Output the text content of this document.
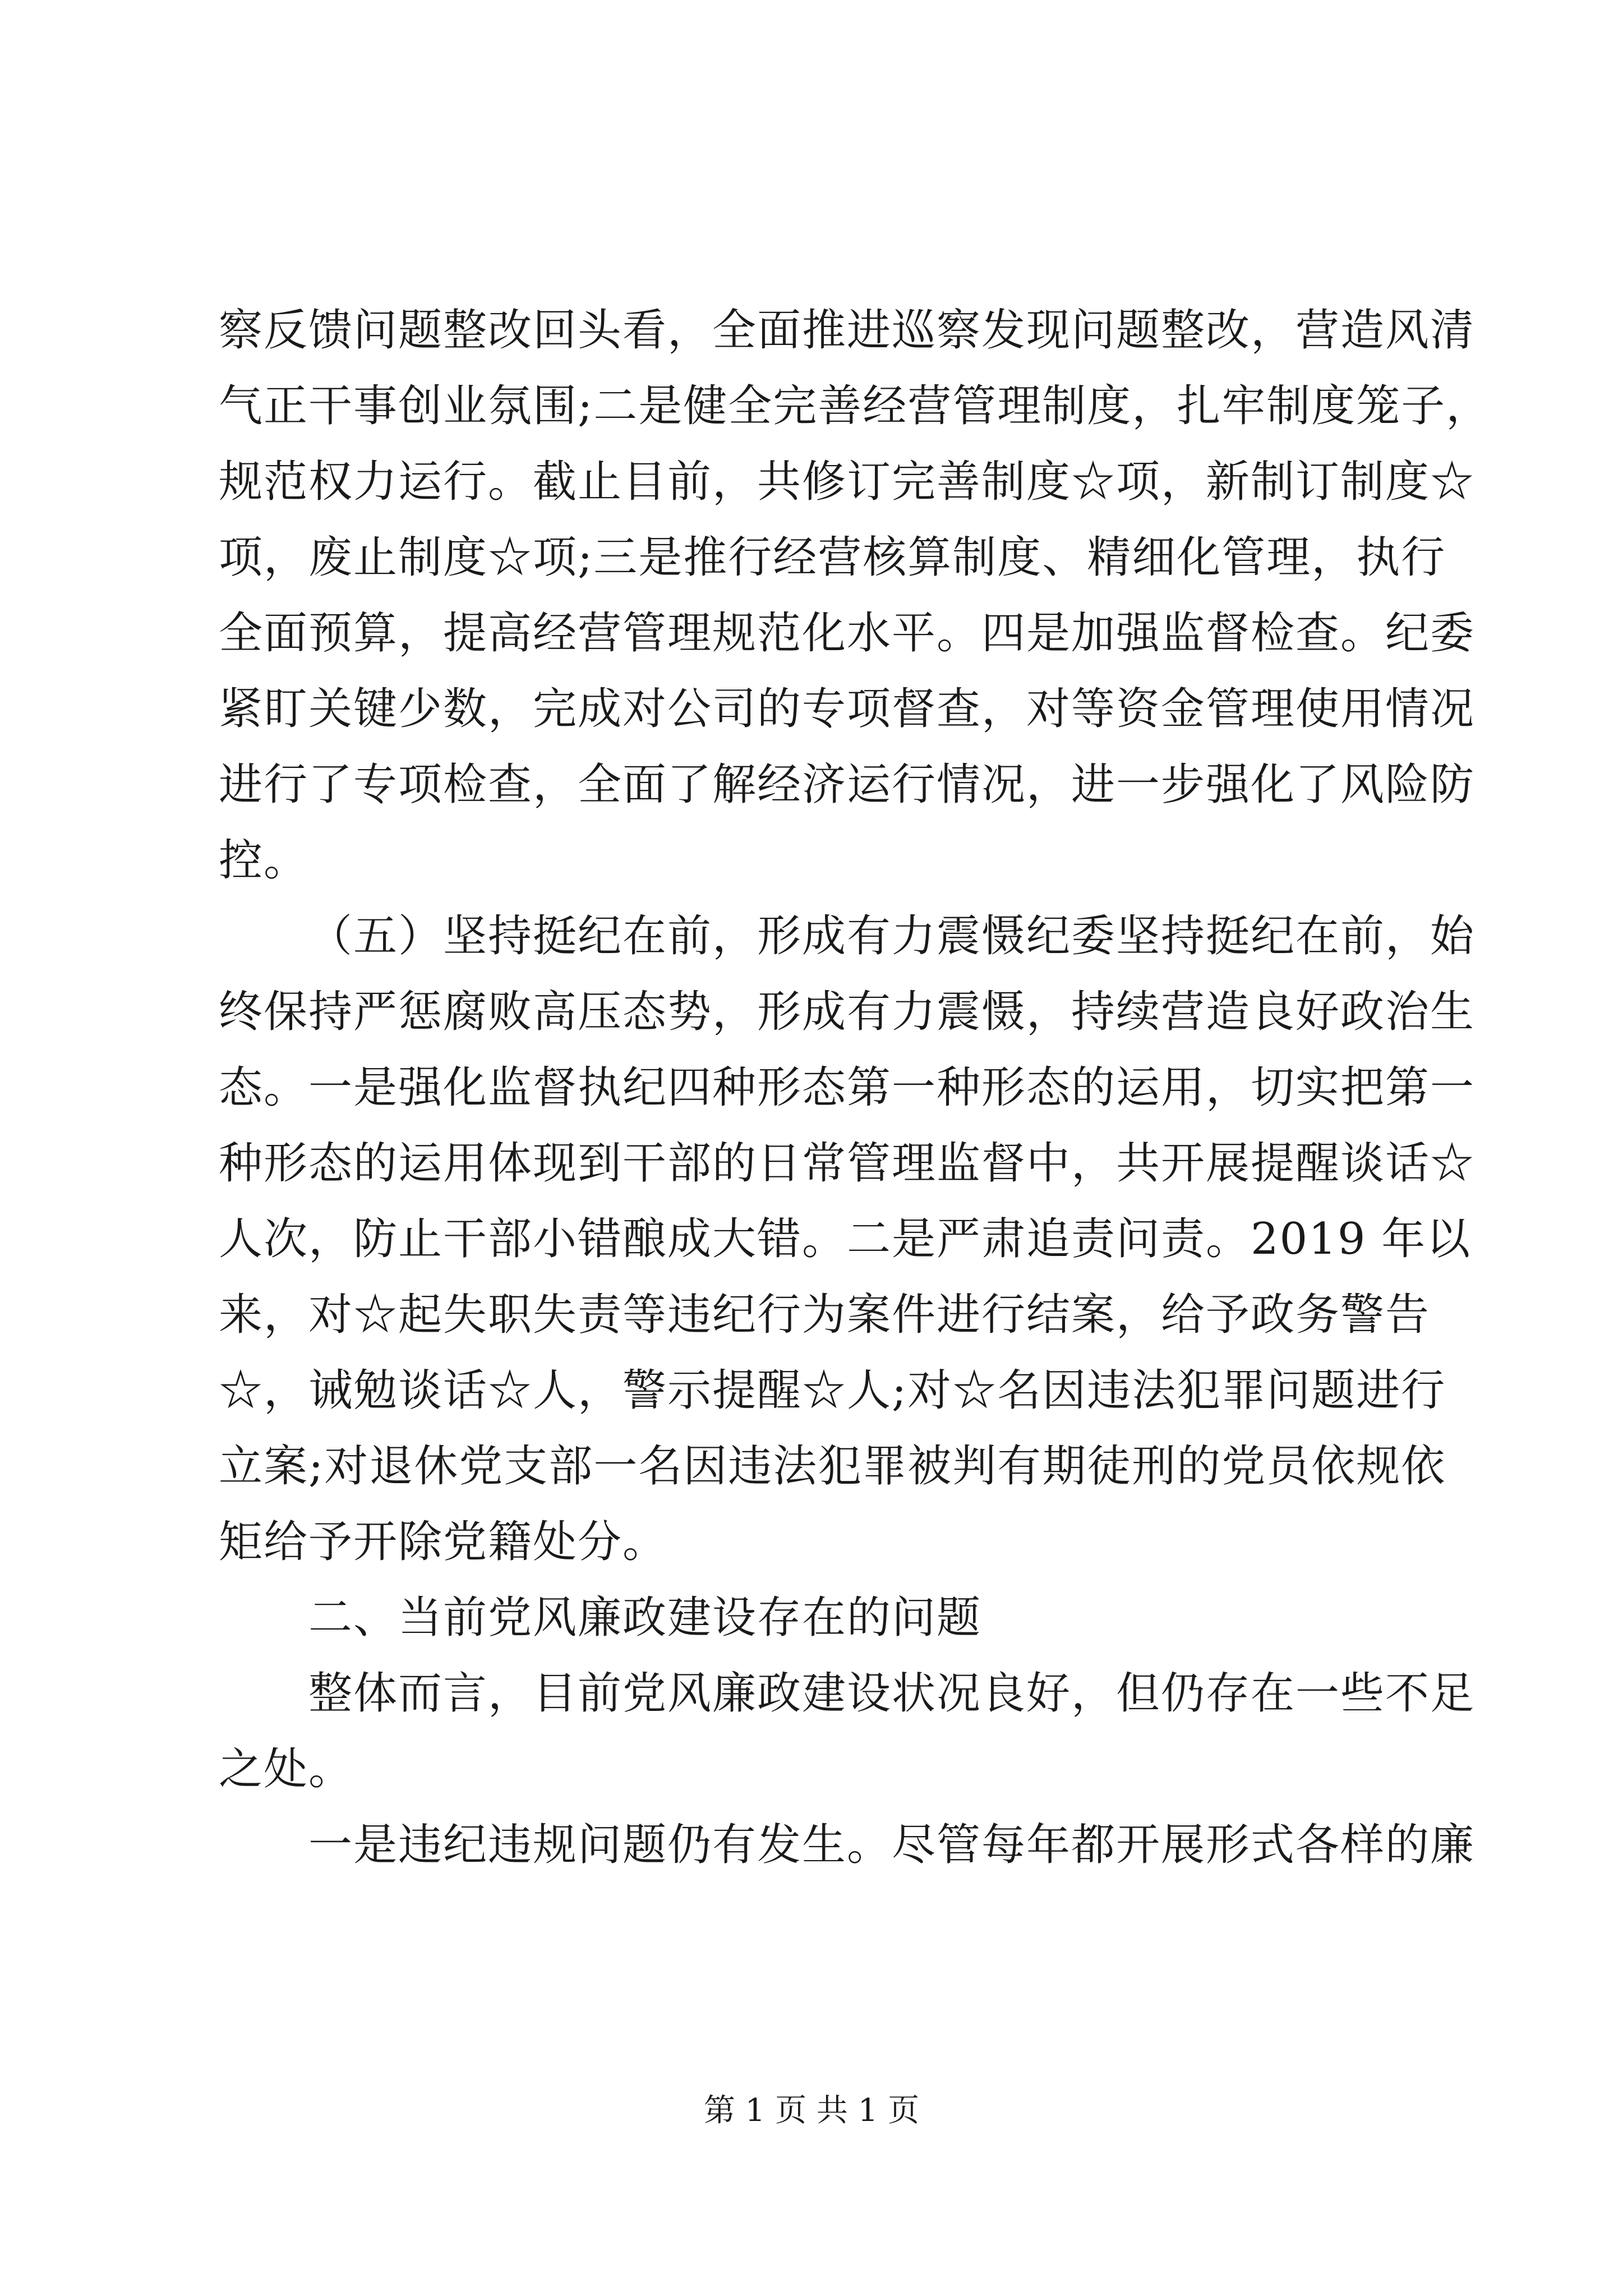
察反馈问题整改回头看，全面推进巡察发现问题整改，营造风清
气正干事创业氛围;二是健全完善经营管理制度，扎牢制度笼子，
规范权力运行。截止目前，共修订完善制度☆项，新制订制度☆
项，废止制度☆项;三是推行经营核算制度、精细化管理，执行
全面预算，提高经营管理规范化水平。四是加强监督检查。纪委
紧盯关键少数，完成对公司的专项督查，对等资金管理使用情况
进行了专项检查，全面了解经济运行情况，进一步强化了风险防
控。
（五）坚持挺纪在前，形成有力震慑纪委坚持挺纪在前，始
终保持严惩腐败高压态势，形成有力震慑，持续营造良好政治生
态。一是强化监督执纪四种形态第一种形态的运用，切实把第一
种形态的运用体现到干部的日常管理监督中，共开展提醒谈话☆
人次，防止干部小错酿成大错。二是严肃追责问责。2019 年以
来，对☆起失职失责等违纪行为案件进行结案，给予政务警告
☆，诫勉谈话☆人，警示提醒☆人;对☆名因违法犯罪问题进行
立案;对退休党支部一名因违法犯罪被判有期徒刑的党员依规依
矩给予开除党籍处分。
二、当前党风廉政建设存在的问题
整体而言，目前党风廉政建设状况良好，但仍存在一些不足
之处。
一是违纪违规问题仍有发生。尽管每年都开展形式各样的廉
第 1 页 共 1 页
